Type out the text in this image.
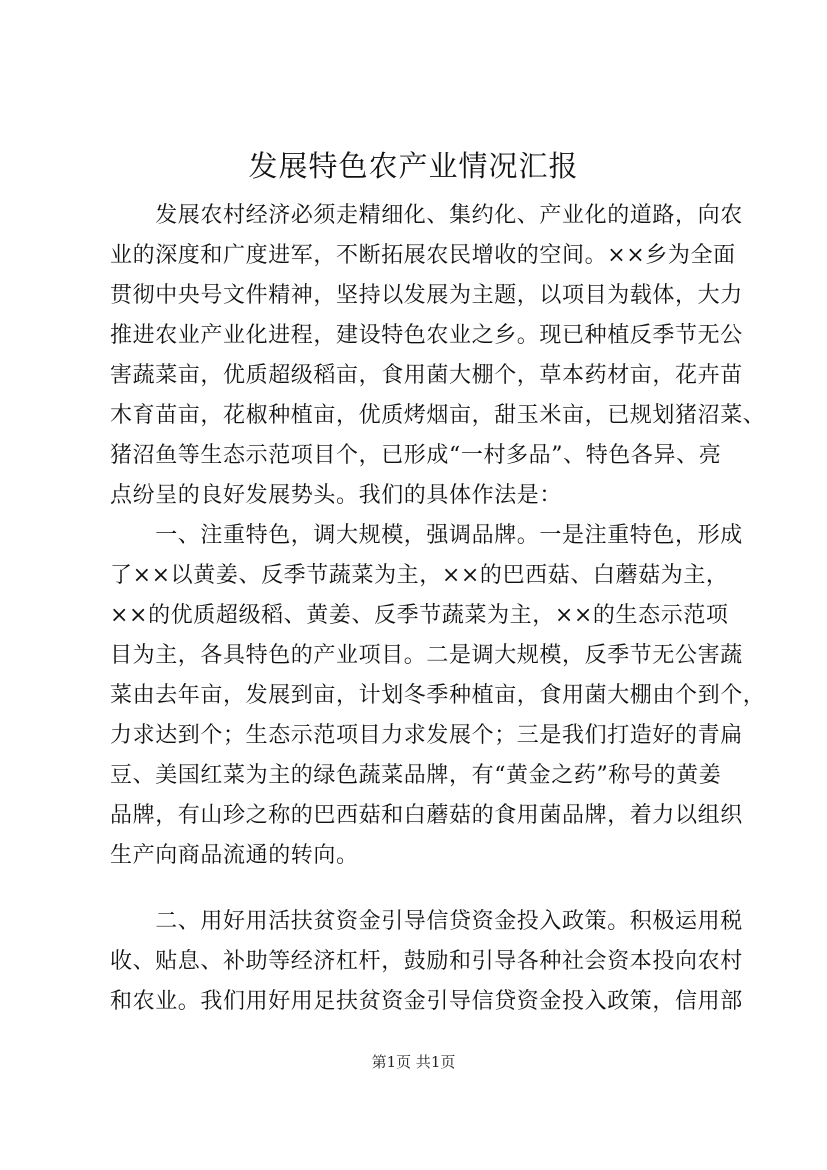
发展特色农产业情况汇报
　　发展农村经济必须走精细化、集约化、产业化的道路，向农
业的深度和广度进军，不断拓展农民增收的空间。××乡为全面
贯彻中央号文件精神，坚持以发展为主题，以项目为载体，大力
推进农业产业化进程，建设特色农业之乡。现已种植反季节无公
害蔬菜亩，优质超级稻亩，食用菌大棚个，草本药材亩，花卉苗
木育苗亩，花椒种植亩，优质烤烟亩，甜玉米亩，已规划猪沼菜、
猪沼鱼等生态示范项目个，已形成“一村多品”、特色各异、亮
点纷呈的良好发展势头。我们的具体作法是：
　　一、注重特色，调大规模，强调品牌。一是注重特色，形成
了××以黄姜、反季节蔬菜为主，××的巴西菇、白蘑菇为主，
××的优质超级稻、黄姜、反季节蔬菜为主，××的生态示范项
目为主，各具特色的产业项目。二是调大规模，反季节无公害蔬
菜由去年亩，发展到亩，计划冬季种植亩，食用菌大棚由个到个，
力求达到个；生态示范项目力求发展个；三是我们打造好的青扁
豆、美国红菜为主的绿色蔬菜品牌，有“黄金之药”称号的黄姜
品牌，有山珍之称的巴西菇和白蘑菇的食用菌品牌，着力以组织
生产向商品流通的转向。
　　二、用好用活扶贫资金引导信贷资金投入政策。积极运用税
收、贴息、补助等经济杠杆，鼓励和引导各种社会资本投向农村
和农业。我们用好用足扶贫资金引导信贷资金投入政策，信用部
第1页 共1页
